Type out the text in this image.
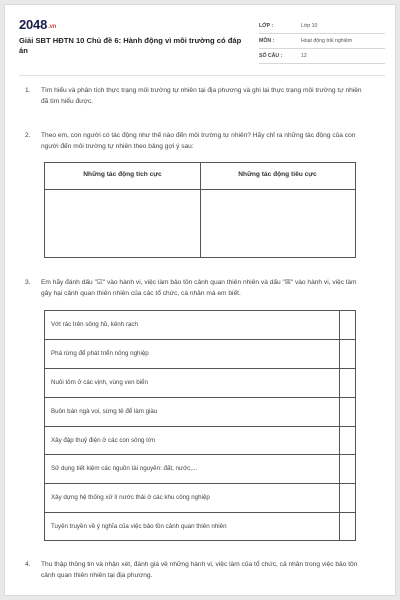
2048.vn
Giải SBT HĐTN 10 Chủ đề 6: Hành động vì môi trường có đáp án
LỚP :	Lớp 10
MÔN :	Hoạt động trải nghiệm
SỐ CÂU :	12
1. Tìm hiểu và phân tích thực trạng môi trường tự nhiên tại địa phương và ghi lại thực trạng môi trường tự nhiên đã tìm hiểu được.
2. Theo em, con người có tác động như thế nào đến môi trường tự nhiên? Hãy chỉ ra những tác động của con người đến môi trường tự nhiên theo bảng gợi ý sau:
Những tác động tích cực	Những tác động tiêu cực
3. Em hãy đánh dấu "☑" vào hành vi, việc làm bảo tồn cảnh quan thiên nhiên và dấu "☒" vào hành vi, việc làm gây hại cảnh quan thiên nhiên của các tổ chức, cá nhân mà em biết.
Vớt rác trên sông hồ, kênh rạch
Phá rừng để phát triển nông nghiệp
Nuôi tôm ở các vịnh, vùng ven biển
Buôn bán ngà voi, sừng tê để làm giàu
Xây đập thuỷ điện ở các con sông lớn
Sử dụng tiết kiệm các nguồn tài nguyên: đất, nước,...
Xây dựng hệ thống xử lí nước thải ở các khu công nghiệp
Tuyên truyền về ý nghĩa của việc bảo tồn cảnh quan thiên nhiên
4. Thu thập thông tin và nhận xét, đánh giá về những hành vi, việc làm của tổ chức, cá nhân trong việc bảo tồn cảnh quan thiên nhiên tại địa phương.
